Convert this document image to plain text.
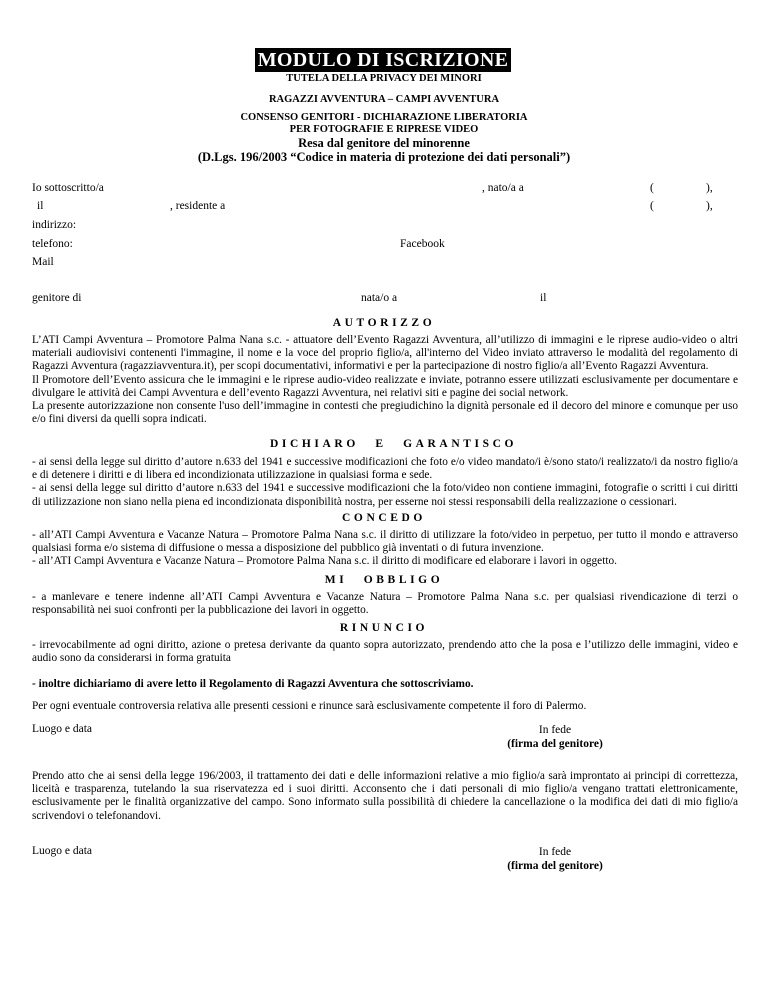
MODULO DI ISCRIZIONE
TUTELA DELLA PRIVACY DEI MINORI
RAGAZZI AVVENTURA – CAMPI AVVENTURA
CONSENSO GENITORI - DICHIARAZIONE LIBERATORIA
PER FOTOGRAFIE E RIPRESE VIDEO
Resa dal genitore del minorenne
(D.Lgs. 196/2003 “Codice in materia di protezione dei dati personali”)
Io sottoscritto/a	, nato/a a	(	),
il	, residente a	(	),
indirizzo:
telefono:	Facebook
Mail
genitore di	nata/o a	il
AUTORIZZO

L’ATI Campi Avventura – Promotore Palma Nana s.c. - attuatore dell’Evento Ragazzi Avventura, all’utilizzo di immagini e le riprese audio-video o altri materiali audiovisivi contenenti l'immagine, il nome e la voce del proprio figlio/a, all'interno del Video inviato attraverso le modalità del regolamento di Ragazzi Avventura (ragazziavventura.it), per scopi documentativi, informativi e per la partecipazione di nostro figlio/a all’Evento Ragazzi Avventura.

Il Promotore dell’Evento assicura che le immagini e le riprese audio-video realizzate e inviate, potranno essere utilizzati esclusivamente per documentare e divulgare le attività dei Campi Avventura e dell’evento Ragazzi Avventura, nei relativi siti e pagine dei social network.

La presente autorizzazione non consente l'uso dell’immagine in contesti che pregiudichino la dignità personale ed il decoro del minore e comunque per uso e/o fini diversi da quelli sopra indicati.

DICHIARO E GARANTISCO

- ai sensi della legge sul diritto d’autore n.633 del 1941 e successive modificazioni che foto e/o video mandato/i è/sono stato/i realizzato/i da nostro figlio/a e di detenere i diritti e di libera ed incondizionata utilizzazione in qualsiasi forma e sede.

- ai sensi della legge sul diritto d’autore n.633 del 1941 e successive modificazioni che la foto/video non contiene immagini, fotografie o scritti i cui diritti di utilizzazione non siano nella piena ed incondizionata disponibilità nostra, per esserne noi stessi responsabili della realizzazione o cessionari.

CONCEDO

- all’ATI Campi Avventura e Vacanze Natura – Promotore Palma Nana s.c. il diritto di utilizzare la foto/video in perpetuo, per tutto il mondo e attraverso qualsiasi forma e/o sistema di diffusione o messa a disposizione del pubblico già inventati o di futura invenzione.

- all’ATI Campi Avventura e Vacanze Natura – Promotore Palma Nana s.c. il diritto di modificare ed elaborare i lavori in oggetto.

MI OBBLIGO

- a manlevare e tenere indenne all’ATI Campi Avventura e Vacanze Natura – Promotore Palma Nana s.c. per qualsiasi rivendicazione di terzi o responsabilità nei suoi confronti per la pubblicazione dei lavori in oggetto.

RINUNCIO

- irrevocabilmente ad ogni diritto, azione o pretesa derivante da quanto sopra autorizzato, prendendo atto che la posa e l’utilizzo delle immagini, video e audio sono da considerarsi in forma gratuita

- inoltre dichiariamo di avere letto il Regolamento di Ragazzi Avventura che sottoscriviamo.
Per ogni eventuale controversia relativa alle presenti cessioni e rinunce sarà esclusivamente competente il foro di Palermo.
Luogo e data	In fede
(firma del genitore)
Prendo atto che ai sensi della legge 196/2003, il trattamento dei dati e delle informazioni relative a mio figlio/a sarà improntato ai principi di correttezza, liceità e trasparenza, tutelando la sua riservatezza ed i suoi diritti. Acconsento che i dati personali di mio figlio/a vengano trattati elettronicamente, esclusivamente per le finalità organizzative del campo. Sono informato sulla possibilità di chiedere la cancellazione o la modifica dei dati di mio figlio/a scrivendovi o telefonandovi.
Luogo e data	In fede
(firma del genitore)
